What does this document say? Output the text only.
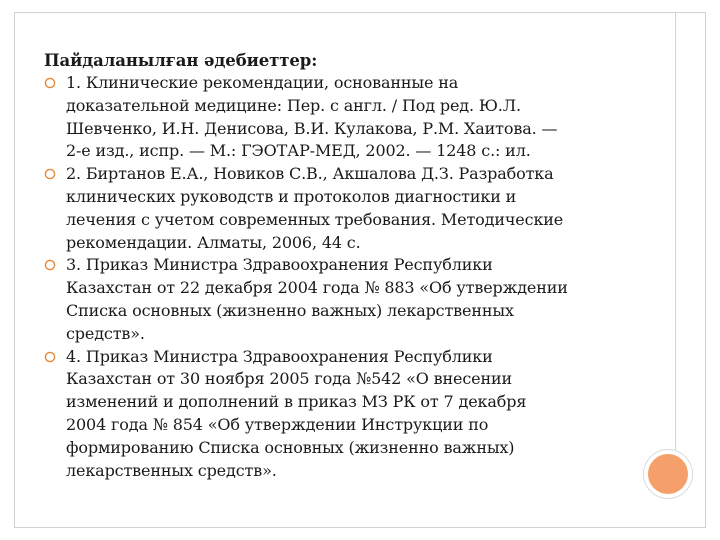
Пайдаланылған әдебиеттер:

1. Клинические рекомендации, основанные на
доказательной медицине: Пер. с англ. / Под ред. Ю.Л.
Шевченко, И.Н. Денисова, В.И. Кулакова, Р.М. Хаитова. —
2-е изд., испр. — М.: ГЭОТАР-МЕД, 2002. — 1248 с.: ил.
2. Биртанов Е.А., Новиков С.В., Акшалова Д.З. Разработка
клинических руководств и протоколов диагностики и
лечения с учетом современных требования. Методические
рекомендации. Алматы, 2006, 44 с.
3. Приказ Министра Здравоохранения Республики
Казахстан от 22 декабря 2004 года № 883 «Об утверждении
Списка основных (жизненно важных) лекарственных
средств».
4. Приказ Министра Здравоохранения Республики
Казахстан от 30 ноября 2005 года №542 «О внесении
изменений и дополнений в приказ МЗ РК от 7 декабря
2004 года № 854 «Об утверждении Инструкции по
формированию Списка основных (жизненно важных)
лекарственных средств».
